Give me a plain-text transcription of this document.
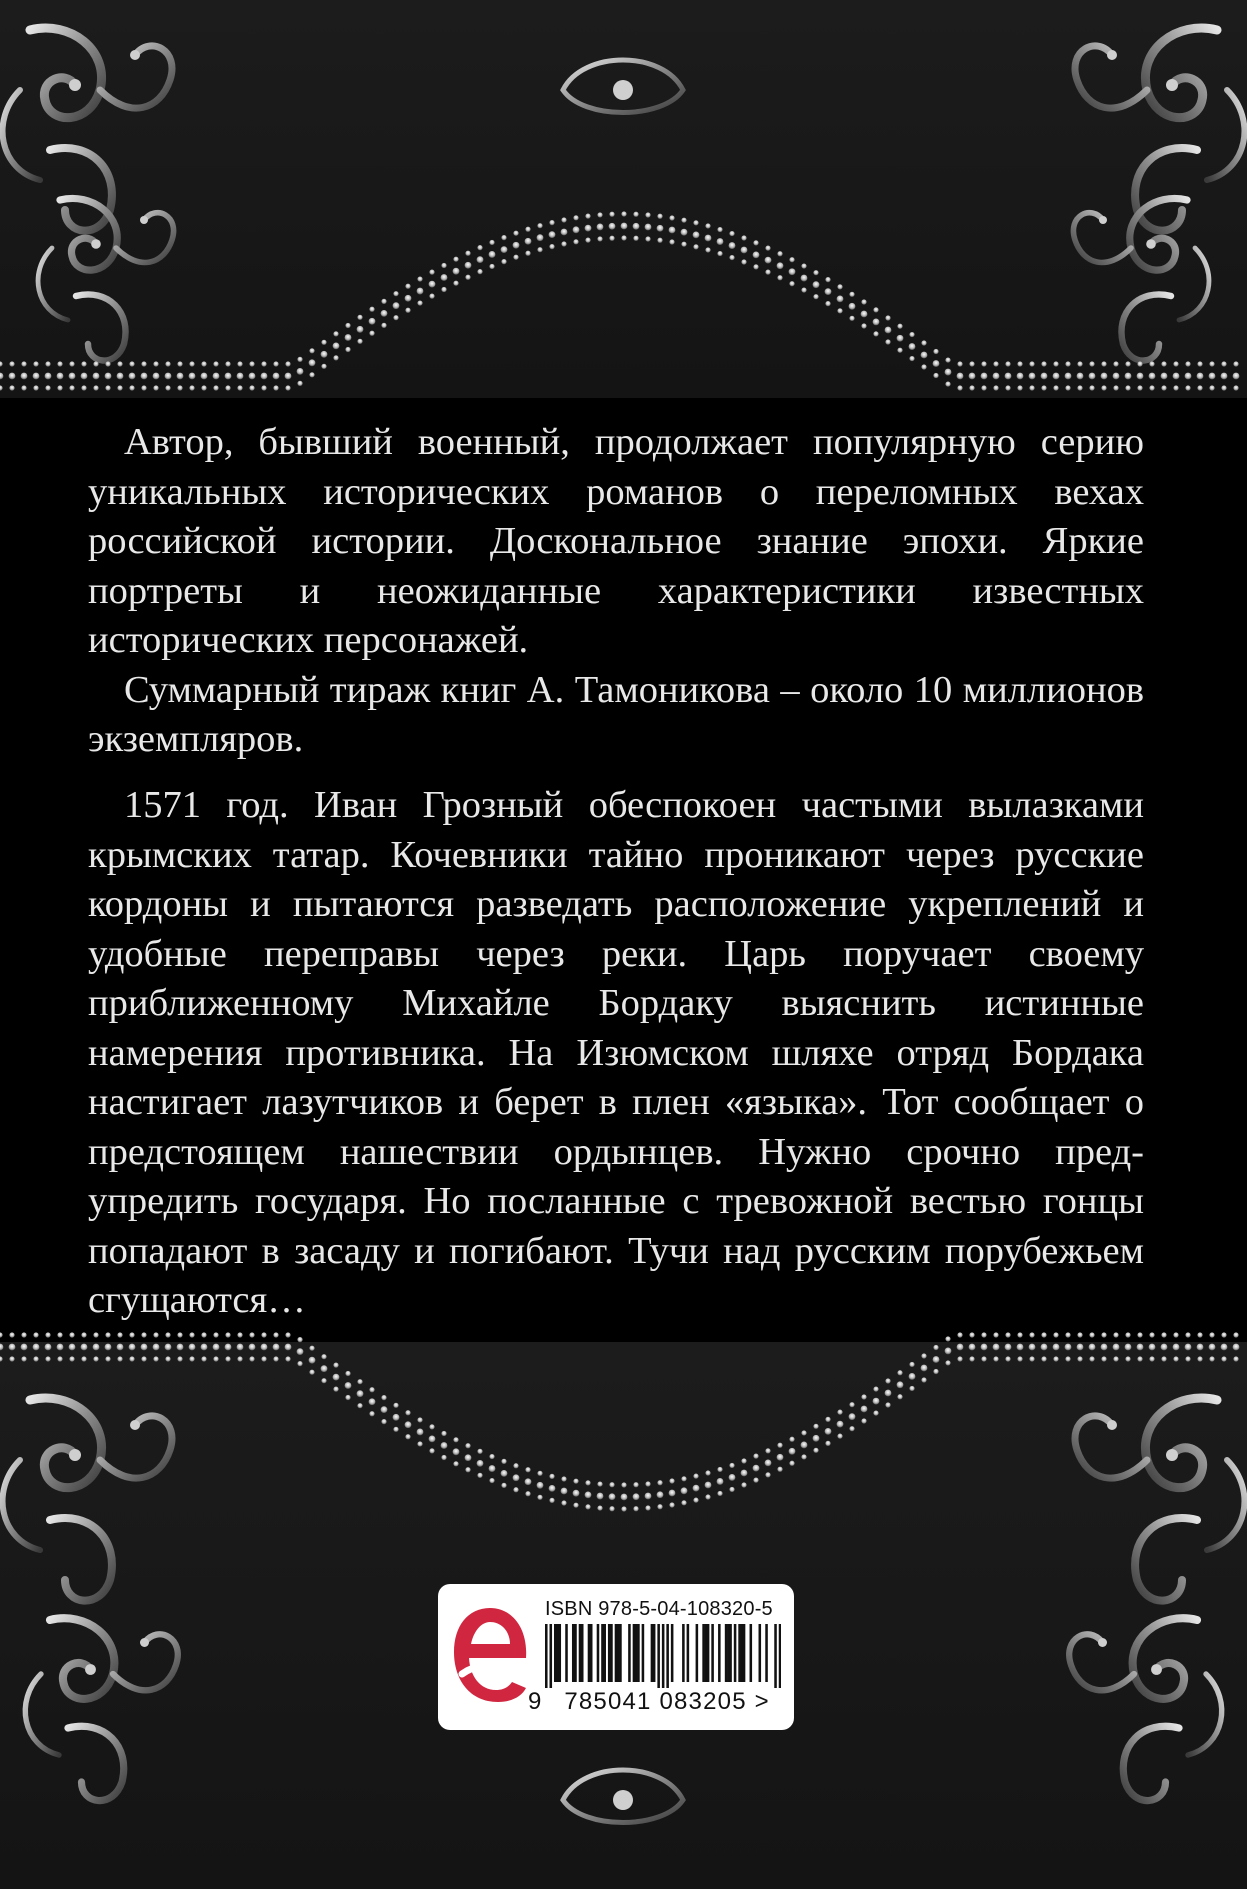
Автор, бывший военный, продолжает популярную серию уникальных исторических романов о переломных вехах российской истории. Доскональное знание эпохи. Яркие портреты и неожиданные характеристики известных исторических персонажей.

Суммарный тираж книг А. Тамоникова – около 10 миллионов экземпляров.

1571 год. Иван Грозный обеспокоен частыми вылазками крымских татар. Кочевники тайно проникают через русские кордоны и пытаются разведать расположение укреплений и удобные переправы через реки. Царь поручает своему приближенному Михайле Бордаку выяснить истинные намерения противника. На Изюмском шляхе отряд Бордака настигает лазутчиков и берет в плен «языка». Тот сообщает о предстоящем нашествии ордынцев. Нужно срочно предупредить государя. Но посланные с тревожной вестью гонцы попадают в засаду и погибают. Тучи над русским порубежьем сгущаются…

ISBN 978-5-04-108320-5
9 785041 083205 >
